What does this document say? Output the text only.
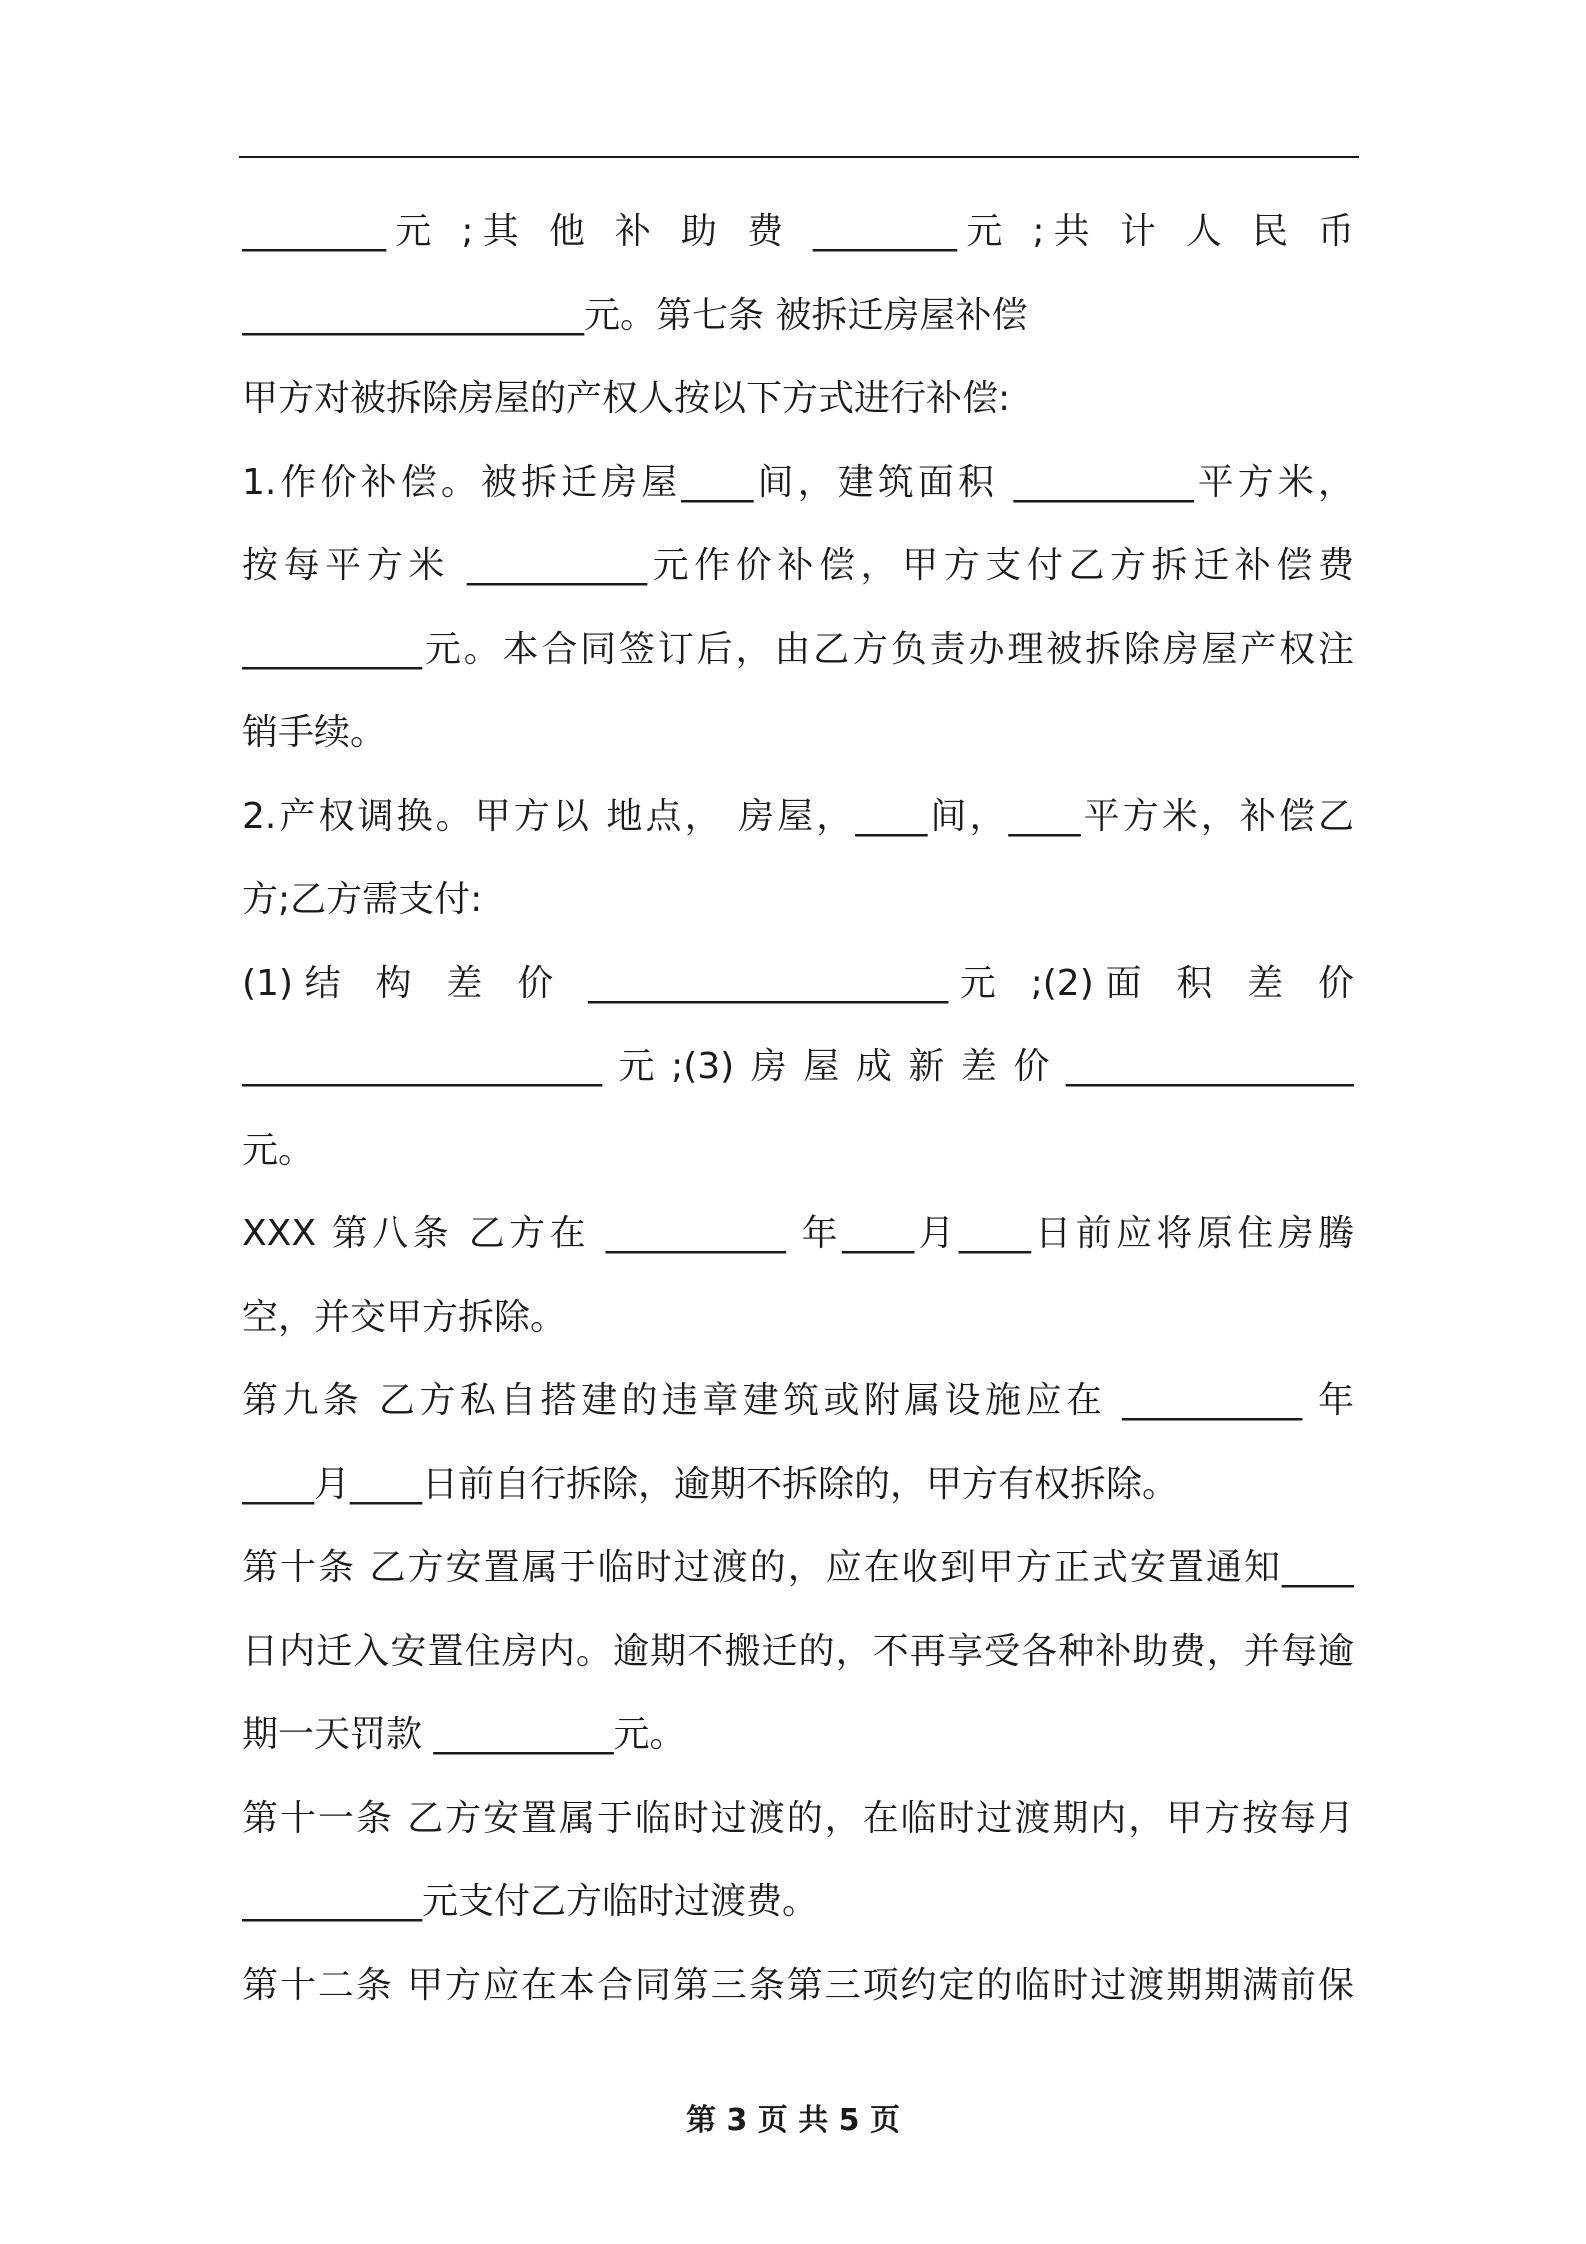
________元 ;其 他 补 助 费 ________元 ;共 计 人 民 币
___________________元。第七条 被拆迁房屋补偿
甲方对被拆除房屋的产权人按以下方式进行补偿:
1.作价补偿。被拆迁房屋____间，建筑面积 __________平方米，
按每平方米 __________元作价补偿，甲方支付乙方拆迁补偿费
__________元。本合同签订后，由乙方负责办理被拆除房屋产权注
销手续。
2.产权调换。甲方以 地点， 房屋，____间，____平方米，补偿乙
方;乙方需支付:
(1)结 构 差 价 ____________________元 ;(2)面 积 差 价
____________________元;(3)房屋成新差价________________
元。
XXX 第八条 乙方在 __________ 年____月____日前应将原住房腾
空，并交甲方拆除。
第九条 乙方私自搭建的违章建筑或附属设施应在 __________ 年
____月____日前自行拆除，逾期不拆除的，甲方有权拆除。
第十条 乙方安置属于临时过渡的，应在收到甲方正式安置通知____
日内迁入安置住房内。逾期不搬迁的，不再享受各种补助费，并每逾
期一天罚款 __________元。
第十一条 乙方安置属于临时过渡的，在临时过渡期内，甲方按每月
__________元支付乙方临时过渡费。
第十二条 甲方应在本合同第三条第三项约定的临时过渡期期满前保
第 3 页 共 5 页
